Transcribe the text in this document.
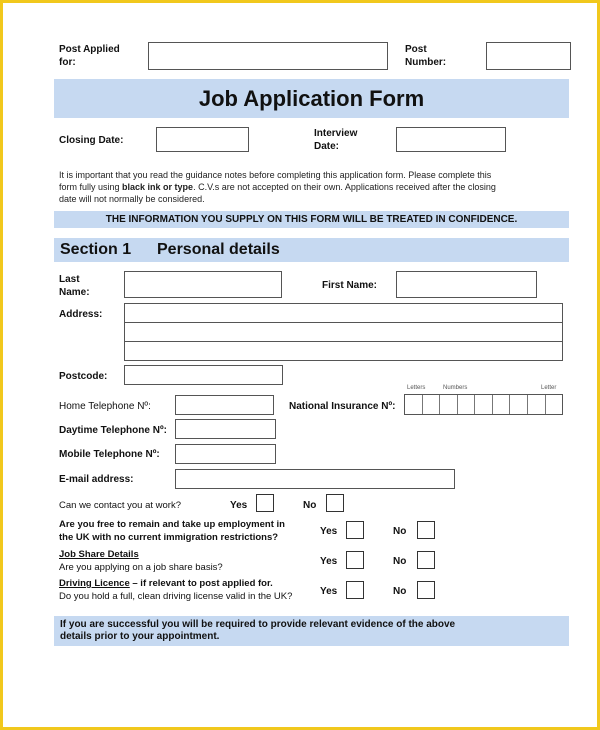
Post Applied
for:
Post
Number:
Job Application Form
Closing Date:
Interview
Date:
It is important that you read the guidance notes before completing this application form. Please complete this
form fully using black ink or type. C.V.s are not accepted on their own. Applications received after the closing
date will not normally be considered.
THE INFORMATION YOU SUPPLY ON THIS FORM WILL BE TREATED IN CONFIDENCE.
Section 1 Personal details
Last
Name:
First Name:
Address:
Postcode:
Home Telephone Nº:	National Insurance Nº:
Letters	Numbers	Letter
Daytime Telephone Nº:
Mobile Telephone Nº:
E-mail address:
Can we contact you at work?	Yes	No
Are you free to remain and take up employment in
the UK with no current immigration restrictions?
Yes	No
Job Share Details
Are you applying on a job share basis?
Yes	No
Driving Licence – if relevant to post applied for.
Do you hold a full, clean driving license valid in the UK?	Yes	No
If you are successful you will be required to provide relevant evidence of the above
details prior to your appointment.
